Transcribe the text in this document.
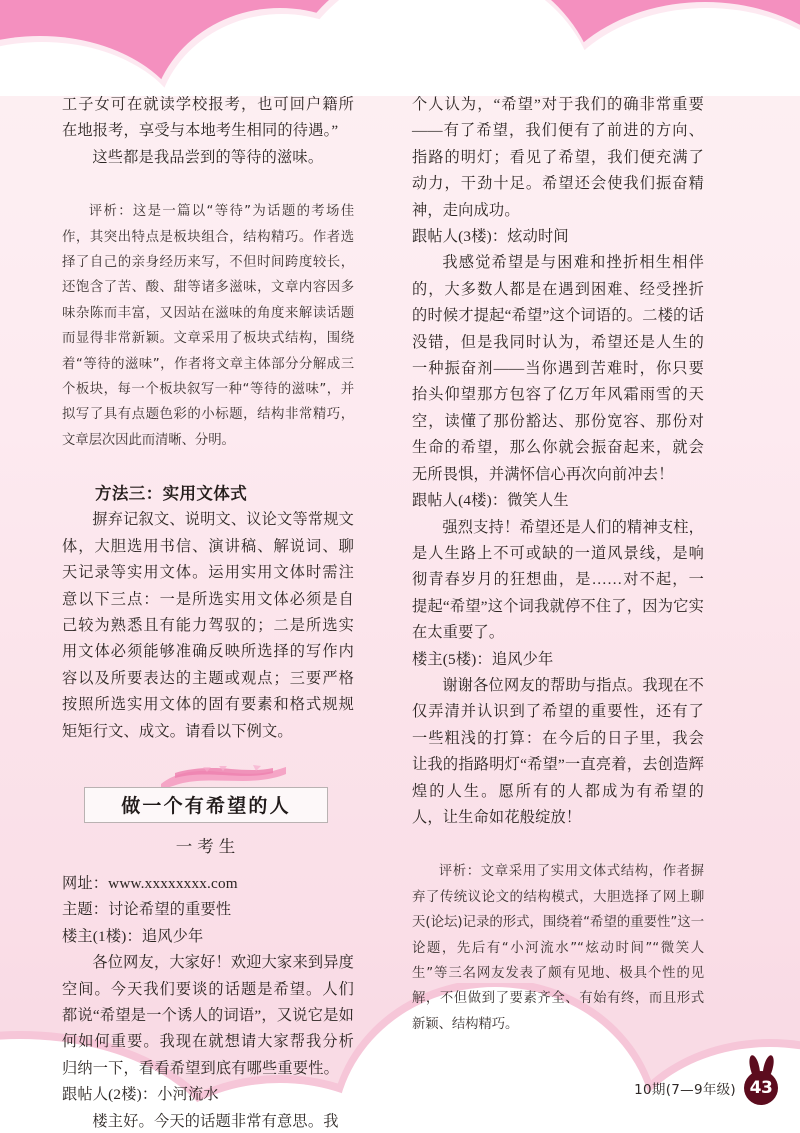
工子女可在就读学校报考，也可回户籍所在地报考，享受与本地考生相同的待遇。”

这些都是我品尝到的等待的滋味。

评析：这是一篇以“等待”为话题的考场佳作，其突出特点是板块组合，结构精巧。作者选择了自己的亲身经历来写，不但时间跨度较长，还饱含了苦、酸、甜等诸多滋味，文章内容因多味杂陈而丰富，又因站在滋味的角度来解读话题而显得非常新颖。文章采用了板块式结构，围绕着“等待的滋味”，作者将文章主体部分分解成三个板块，每一个板块叙写一种“等待的滋味”，并拟写了具有点题色彩的小标题，结构非常精巧，文章层次因此而清晰、分明。

方法三：实用文体式

摒弃记叙文、说明文、议论文等常规文体，大胆选用书信、演讲稿、解说词、聊天记录等实用文体。运用实用文体时需注意以下三点：一是所选实用文体必须是自己较为熟悉且有能力驾驭的；二是所选实用文体必须能够准确反映所选择的写作内容以及所要表达的主题或观点；三要严格按照所选实用文体的固有要素和格式规规矩矩行文、成文。请看以下例文。

做一个有希望的人
一考生

网址：www.xxxxxxxx.com

主题：讨论希望的重要性

楼主(1楼)：追风少年

各位网友，大家好！欢迎大家来到异度空间。今天我们要谈的话题是希望。人们都说“希望是一个诱人的词语”，又说它是如何如何重要。我现在就想请大家帮我分析归纳一下，看看希望到底有哪些重要性。

跟帖人(2楼)：小河流水

楼主好。今天的话题非常有意思。我

个人认为，“希望”对于我们的确非常重要——有了希望，我们便有了前进的方向、指路的明灯；看见了希望，我们便充满了动力，干劲十足。希望还会使我们振奋精神，走向成功。

跟帖人(3楼)：炫动时间

我感觉希望是与困难和挫折相生相伴的，大多数人都是在遇到困难、经受挫折的时候才提起“希望”这个词语的。二楼的话没错，但是我同时认为，希望还是人生的一种振奋剂——当你遇到苦难时，你只要抬头仰望那方包容了亿万年风霜雨雪的天空，读懂了那份豁达、那份宽容、那份对生命的希望，那么你就会振奋起来，就会无所畏惧，并满怀信心再次向前冲去！

跟帖人(4楼)：微笑人生

强烈支持！希望还是人们的精神支柱，是人生路上不可或缺的一道风景线，是响彻青春岁月的狂想曲，是……对不起，一提起“希望”这个词我就停不住了，因为它实在太重要了。

楼主(5楼)：追风少年

谢谢各位网友的帮助与指点。我现在不仅弄清并认识到了希望的重要性，还有了一些粗浅的打算：在今后的日子里，我会让我的指路明灯“希望”一直亮着，去创造辉煌的人生。愿所有的人都成为有希望的人，让生命如花般绽放！

评析：文章采用了实用文体式结构，作者摒弃了传统议论文的结构模式，大胆选择了网上聊天(论坛)记录的形式，围绕着“希望的重要性”这一论题，先后有“小河流水”“炫动时间”“微笑人生”等三名网友发表了颇有见地、极具个性的见解，不但做到了要素齐全、有始有终，而且形式新颖、结构精巧。

10期(7—9年级) 43
